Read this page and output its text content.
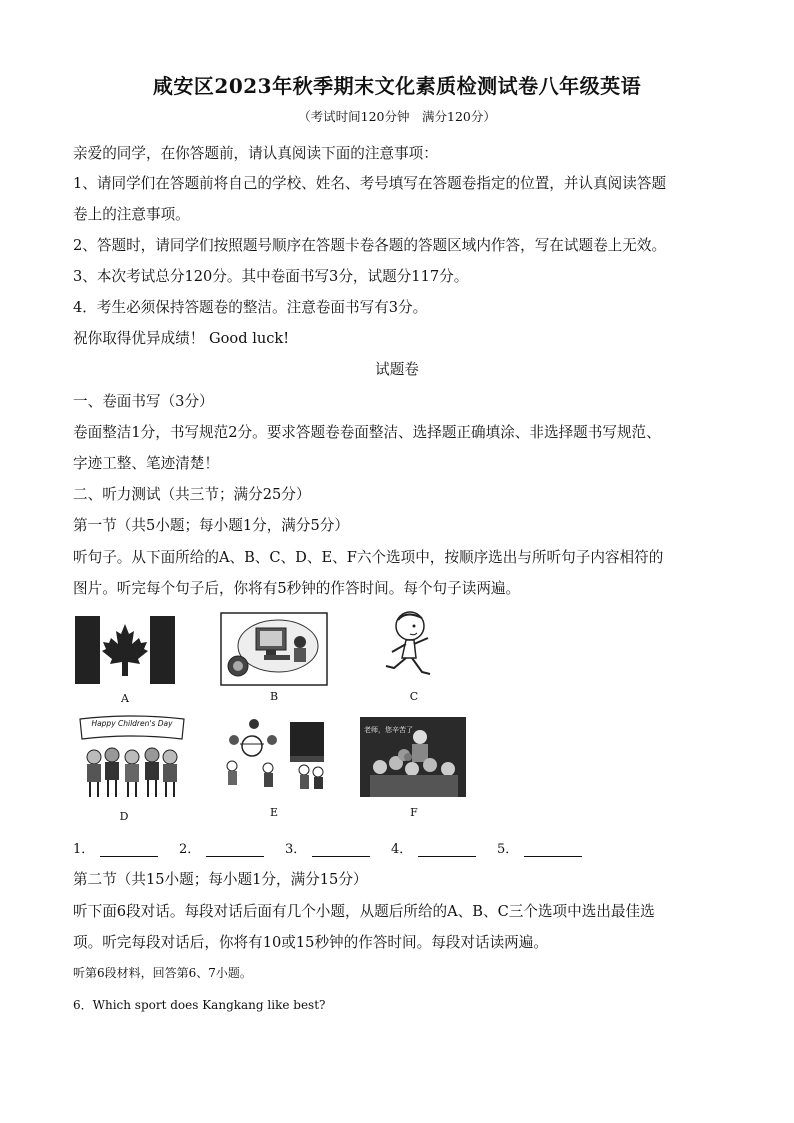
咸安区2023年秋季期末文化素质检测试卷八年级英语
（考试时间120分钟　满分120分）
亲爱的同学，在你答题前，请认真阅读下面的注意事项：
1、请同学们在答题前将自己的学校、姓名、考号填写在答题卷指定的位置，并认真阅读答题
卷上的注意事项。
2、答题时，请同学们按照题号顺序在答题卡卷各题的答题区域内作答，写在试题卷上无效。
3、本次考试总分120分。其中卷面书写3分，试题分117分。
4．考生必须保持答题卷的整洁。注意卷面书写有3分。
祝你取得优异成绩！ Good luck!
试题卷
一、卷面书写（3分）
卷面整洁1分，书写规范2分。要求答题卷卷面整洁、选择题正确填涂、非选择题书写规范、
字迹工整、笔迹清楚！
二、听力测试（共三节；满分25分）
第一节（共5小题；每小题1分，满分5分）
听句子。从下面所给的A、B、C、D、E、F六个选项中，按顺序选出与所听句子内容相符的
图片。听完每个句子后，你将有5秒钟的作答时间。每个句子读两遍。
A	B	C
Happy Children's Day
D	E
老师，您辛苦了
F
1．	2．	3．	4．	5．
第二节（共15小题；每小题1分，满分15分）
听下面6段对话。每段对话后面有几个小题，从题后所给的A、B、C三个选项中选出最佳选
项。听完每段对话后，你将有10或15秒钟的作答时间。每段对话读两遍。
听第6段材料，回答第6、7小题。
6．Which sport does Kangkang like best?
